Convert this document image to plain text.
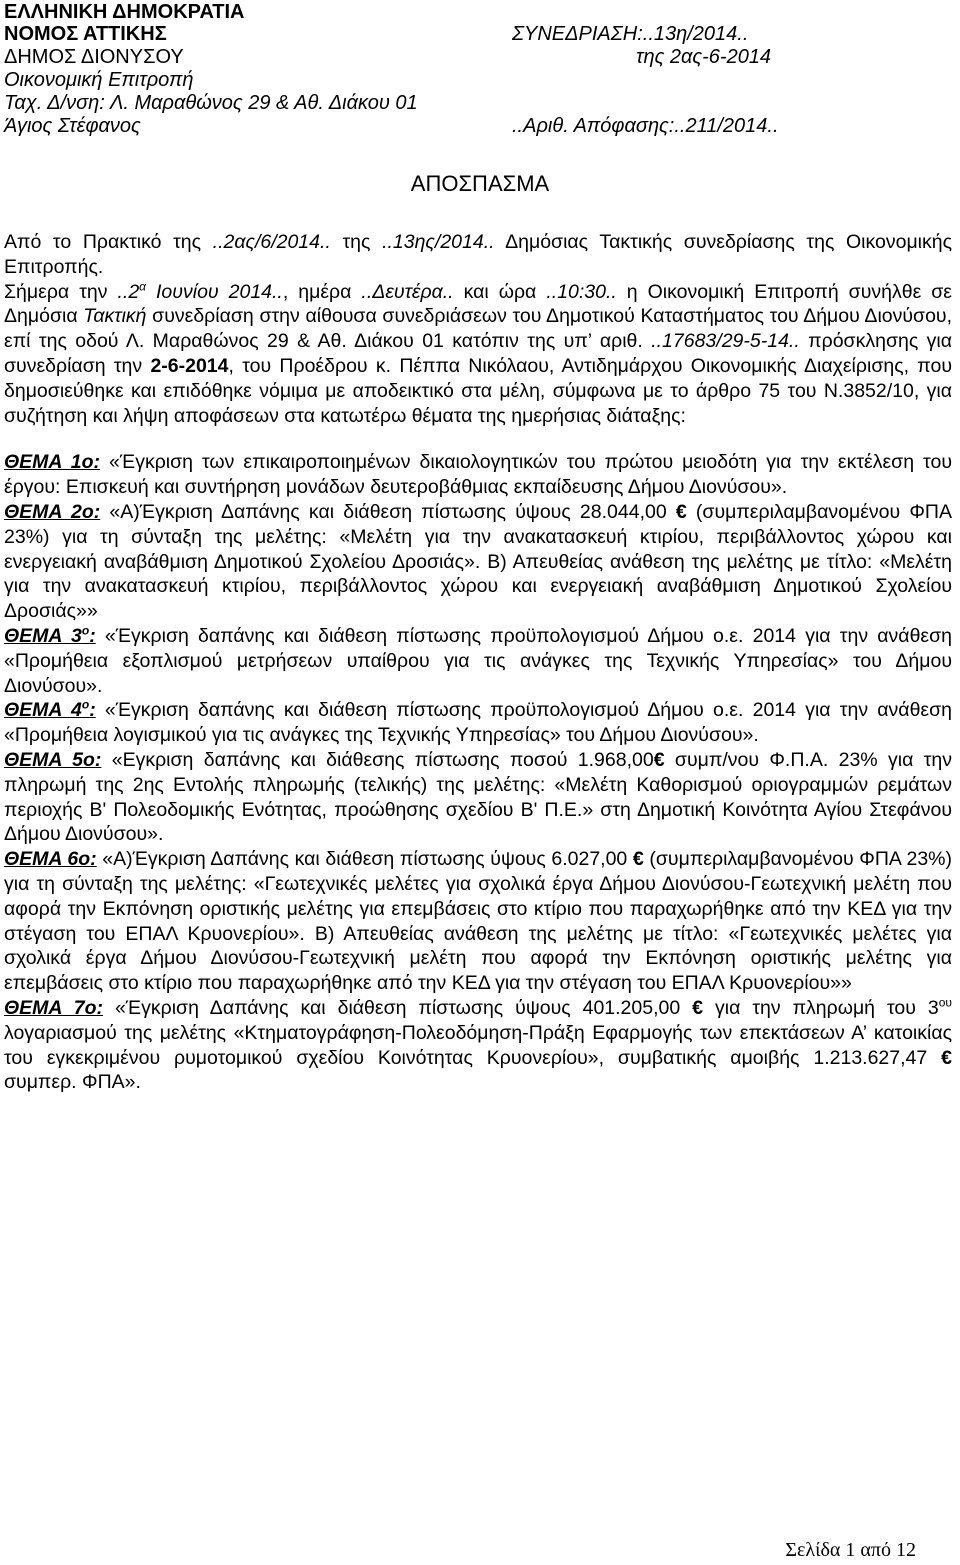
ΕΛΛΗΝΙΚΗ ΔΗΜΟΚΡΑΤΙΑ
ΝΟΜΟΣ ΑΤΤΙΚΗΣ
ΔΗΜΟΣ ΔΙΟΝΥΣΟΥ
Οικονομική Επιτροπή
Ταχ. Δ/νση: Λ. Μαραθώνος 29 & Αθ. Διάκου 01
Άγιος Στέφανος
ΣΥΝΕΔΡΙΑΣΗ:..13η/2014..
της 2ας-6-2014
..Αριθ. Απόφασης:..211/2014..
ΑΠΟΣΠΑΣΜΑ

Από το Πρακτικό της ..2ας/6/2014.. της ..13ης/2014.. Δημόσιας Τακτικής συνεδρίασης της Οικονομικής Επιτροπής.

Σήμερα την $..2^\alpha$ Ιουνίου 2014.., ημέρα ..Δευτέρα.. και ώρα ..10:30.. η Οικονομική Επιτροπή συνήλθε σε Δημόσια Τακτική συνεδρίαση στην αίθουσα συνεδριάσεων του Δημοτικού Καταστήματος του Δήμου Διονύσου, επί της οδού Λ. Μαραθώνος 29 & Αθ. Διάκου 01 κατόπιν της υπ’ αριθ. ..17683/29-5-14.. πρόσκλησης για συνεδρίαση την 2-6-2014, του Προέδρου κ. Πέππα Νικόλαου, Αντιδημάρχου Οικονομικής Διαχείρισης, που δημοσιεύθηκε και επιδόθηκε νόμιμα με αποδεικτικό στα μέλη, σύμφωνα με το άρθρο 75 του Ν.3852/10, για συζήτηση και λήψη αποφάσεων στα κατωτέρω θέματα της ημερήσιας διάταξης:

ΘΕΜΑ 1ο: «Έγκριση των επικαιροποιημένων δικαιολογητικών του πρώτου μειοδότη για την εκτέλεση του έργου: Επισκευή και συντήρηση μονάδων δευτεροβάθμιας εκπαίδευσης Δήμου Διονύσου».

ΘΕΜΑ 2ο: «Α)Έγκριση Δαπάνης και διάθεση πίστωσης ύψους 28.044,00 € (συμπεριλαμβανομένου ΦΠΑ 23%) για τη σύνταξη της μελέτης: «Μελέτη για την ανακατασκευή κτιρίου, περιβάλλοντος χώρου και ενεργειακή αναβάθμιση Δημοτικού Σχολείου Δροσιάς». Β) Απευθείας ανάθεση της μελέτης με τίτλο: «Μελέτη για την ανακατασκευή κτιρίου, περιβάλλοντος χώρου και ενεργειακή αναβάθμιση Δημοτικού Σχολείου Δροσιάς»»

ΘΕΜΑ $3^o$: «Έγκριση δαπάνης και διάθεση πίστωσης προϋπολογισμού Δήμου ο.ε. 2014 για την ανάθεση «Προμήθεια εξοπλισμού μετρήσεων υπαίθρου για τις ανάγκες της Τεχνικής Υπηρεσίας» του Δήμου Διονύσου».

ΘΕΜΑ $4^o$: «Έγκριση δαπάνης και διάθεση πίστωσης προϋπολογισμού Δήμου ο.ε. 2014 για την ανάθεση «Προμήθεια λογισμικού για τις ανάγκες της Τεχνικής Υπηρεσίας» του Δήμου Διονύσου».

ΘΕΜΑ 5ο: «Εγκριση δαπάνης και διάθεσης πίστωσης ποσού 1.968,00€ συμπ/νου Φ.Π.Α. 23% για την πληρωμή της 2ης Εντολής πληρωμής (τελικής) της μελέτης: «Μελέτη Καθορισμού οριογραμμών ρεμάτων περιοχής Β' Πολεοδομικής Ενότητας, προώθησης σχεδίου Β' Π.Ε.» στη Δημοτική Κοινότητα Αγίου Στεφάνου Δήμου Διονύσου».

ΘΕΜΑ 6ο: «Α)Έγκριση Δαπάνης και διάθεση πίστωσης ύψους 6.027,00 € (συμπεριλαμβανομένου ΦΠΑ 23%) για τη σύνταξη της μελέτης: «Γεωτεχνικές μελέτες για σχολικά έργα Δήμου Διονύσου-Γεωτεχνική μελέτη που αφορά την Εκπόνηση οριστικής μελέτης για επεμβάσεις στο κτίριο που παραχωρήθηκε από την ΚΕΔ για την στέγαση του ΕΠΑΛ Κρυονερίου». Β) Απευθείας ανάθεση της μελέτης με τίτλο: «Γεωτεχνικές μελέτες για σχολικά έργα Δήμου Διονύσου-Γεωτεχνική μελέτη που αφορά την Εκπόνηση οριστικής μελέτης για επεμβάσεις στο κτίριο που παραχωρήθηκε από την ΚΕΔ για την στέγαση του ΕΠΑΛ Κρυονερίου»»

ΘΕΜΑ 7ο: «Έγκριση Δαπάνης και διάθεση πίστωσης ύψους 401.205,00 € για την πληρωμή του $3^{o\upsilon}$ λογαριασμού της μελέτης «Κτηματογράφηση-Πολεοδόμηση-Πράξη Εφαρμογής των επεκτάσεων Α’ κατοικίας του εγκεκριμένου ρυμοτομικού σχεδίου Κοινότητας Κρυονερίου», συμβατικής αμοιβής 1.213.627,47 € συμπερ. ΦΠΑ».

Σελίδα 1 από 12
